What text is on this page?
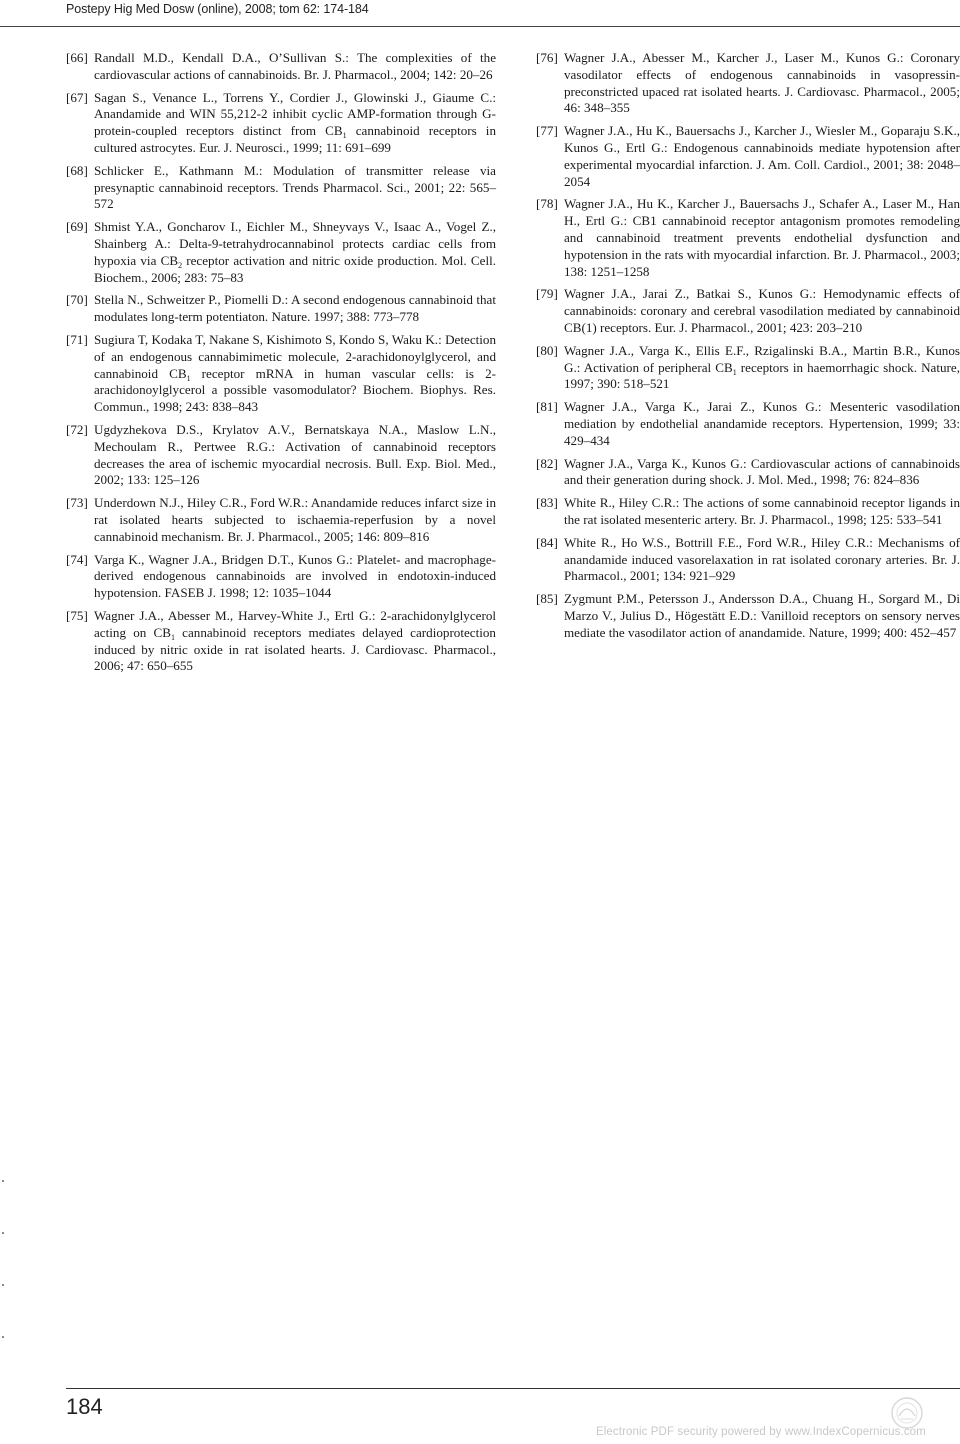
Postepy Hig Med Dosw (online), 2008; tom 62: 174-184
[66] Randall M.D., Kendall D.A., O’Sullivan S.: The complexities of the cardiovascular actions of cannabinoids. Br. J. Pharmacol., 2004; 142: 20–26
[67] Sagan S., Venance L., Torrens Y., Cordier J., Glowinski J., Giaume C.: Anandamide and WIN 55,212-2 inhibit cyclic AMP-formation through G-protein-coupled receptors distinct from $CB_1$ cannabinoid receptors in cultured astrocytes. Eur. J. Neurosci., 1999; 11: 691–699
[68] Schlicker E., Kathmann M.: Modulation of transmitter release via presynaptic cannabinoid receptors. Trends Pharmacol. Sci., 2001; 22: 565–572
[69] Shmist Y.A., Goncharov I., Eichler M., Shneyvays V., Isaac A., Vogel Z., Shainberg A.: Delta-9-tetrahydrocannabinol protects cardiac cells from hypoxia via $CB_2$ receptor activation and nitric oxide production. Mol. Cell. Biochem., 2006; 283: 75–83
[70] Stella N., Schweitzer P., Piomelli D.: A second endogenous cannabinoid that modulates long-term potentiaton. Nature. 1997; 388: 773–778
[71] Sugiura T, Kodaka T, Nakane S, Kishimoto S, Kondo S, Waku K.: Detection of an endogenous cannabimimetic molecule, 2-arachidonoylglycerol, and cannabinoid $CB_1$ receptor mRNA in human vascular cells: is 2-arachidonoylglycerol a possible vasomodulator? Biochem. Biophys. Res. Commun., 1998; 243: 838–843
[72] Ugdyzhekova D.S., Krylatov A.V., Bernatskaya N.A., Maslow L.N., Mechoulam R., Pertwee R.G.: Activation of cannabinoid receptors decreases the area of ischemic myocardial necrosis. Bull. Exp. Biol. Med., 2002; 133: 125–126
[73] Underdown N.J., Hiley C.R., Ford W.R.: Anandamide reduces infarct size in rat isolated hearts subjected to ischaemia-reperfusion by a novel cannabinoid mechanism. Br. J. Pharmacol., 2005; 146: 809–816
[74] Varga K., Wagner J.A., Bridgen D.T., Kunos G.: Platelet- and macrophage-derived endogenous cannabinoids are involved in endotoxin-induced hypotension. FASEB J. 1998; 12: 1035–1044
[75] Wagner J.A., Abesser M., Harvey-White J., Ertl G.: 2-arachidonylglycerol acting on $CB_1$ cannabinoid receptors mediates delayed cardioprotection induced by nitric oxide in rat isolated hearts. J. Cardiovasc. Pharmacol., 2006; 47: 650–655
[76] Wagner J.A., Abesser M., Karcher J., Laser M., Kunos G.: Coronary vasodilator effects of endogenous cannabinoids in vasopressin-preconstricted upaced rat isolated hearts. J. Cardiovasc. Pharmacol., 2005; 46: 348–355
[77] Wagner J.A., Hu K., Bauersachs J., Karcher J., Wiesler M., Goparaju S.K., Kunos G., Ertl G.: Endogenous cannabinoids mediate hypotension after experimental myocardial infarction. J. Am. Coll. Cardiol., 2001; 38: 2048–2054
[78] Wagner J.A., Hu K., Karcher J., Bauersachs J., Schafer A., Laser M., Han H., Ertl G.: CB1 cannabinoid receptor antagonism promotes remodeling and cannabinoid treatment prevents endothelial dysfunction and hypotension in the rats with myocardial infarction. Br. J. Pharmacol., 2003; 138: 1251–1258
[79] Wagner J.A., Jarai Z., Batkai S., Kunos G.: Hemodynamic effects of cannabinoids: coronary and cerebral vasodilation mediated by cannabinoid CB(1) receptors. Eur. J. Pharmacol., 2001; 423: 203–210
[80] Wagner J.A., Varga K., Ellis E.F., Rzigalinski B.A., Martin B.R., Kunos G.: Activation of peripheral $CB_1$ receptors in haemorrhagic shock. Nature, 1997; 390: 518–521
[81] Wagner J.A., Varga K., Jarai Z., Kunos G.: Mesenteric vasodilation mediation by endothelial anandamide receptors. Hypertension, 1999; 33: 429–434
[82] Wagner J.A., Varga K., Kunos G.: Cardiovascular actions of cannabinoids and their generation during shock. J. Mol. Med., 1998; 76: 824–836
[83] White R., Hiley C.R.: The actions of some cannabinoid receptor ligands in the rat isolated mesenteric artery. Br. J. Pharmacol., 1998; 125: 533–541
[84] White R., Ho W.S., Bottrill F.E., Ford W.R., Hiley C.R.: Mechanisms of anandamide induced vasorelaxation in rat isolated coronary arteries. Br. J. Pharmacol., 2001; 134: 921–929
[85] Zygmunt P.M., Petersson J., Andersson D.A., Chuang H., Sorgard M., Di Marzo V., Julius D., Högestätt E.D.: Vanilloid receptors on sensory nerves mediate the vasodilator action of anandamide. Nature, 1999; 400: 452–457
184
Electronic PDF security powered by www.IndexCopernicus.com
